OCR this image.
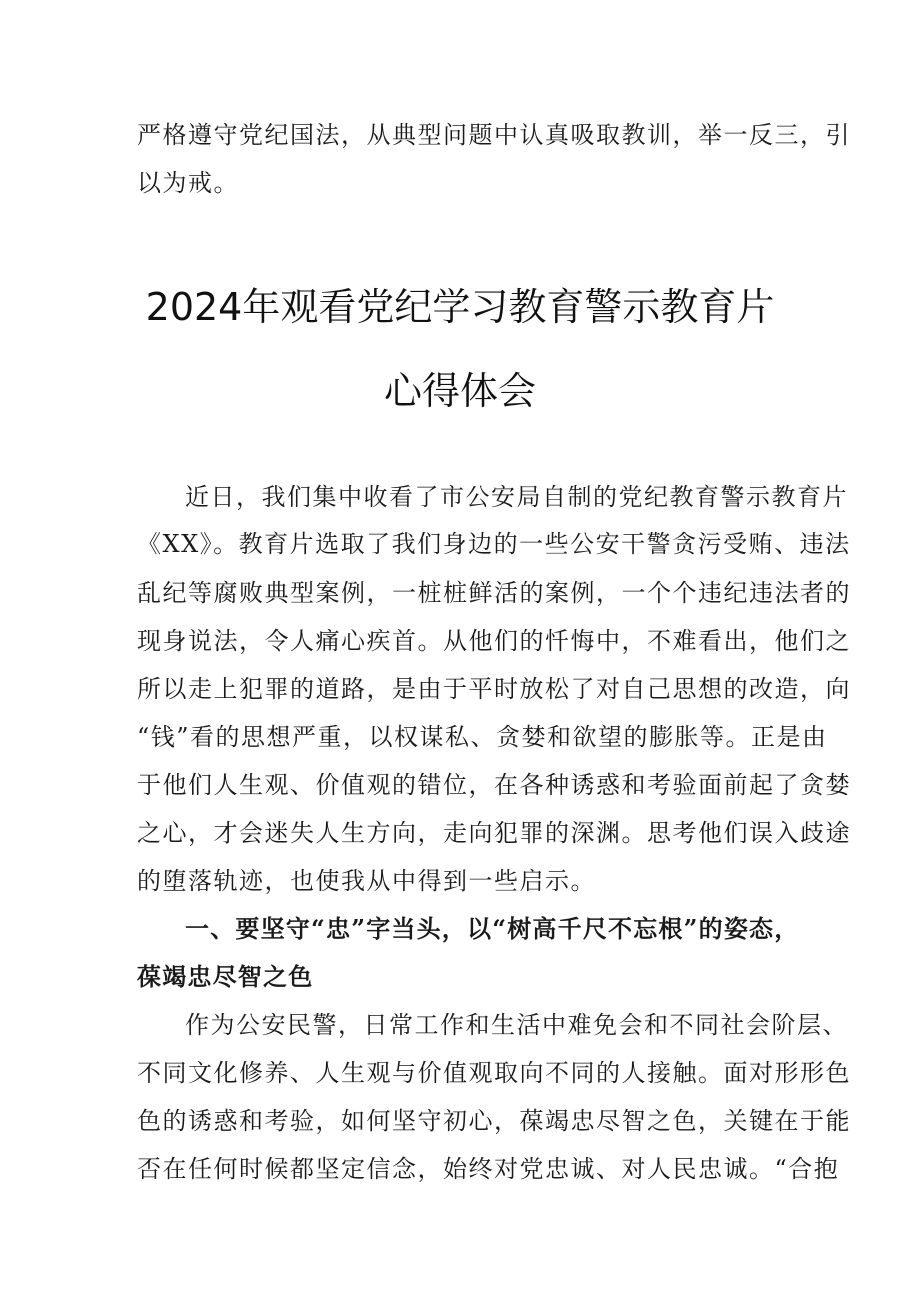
严格遵守党纪国法，从典型问题中认真吸取教训，举一反三，引
以为戒。
2024年观看党纪学习教育警示教育片
心得体会
近日，我们集中收看了市公安局自制的党纪教育警示教育片
《XX》。教育片选取了我们身边的一些公安干警贪污受贿、违法
乱纪等腐败典型案例，一桩桩鲜活的案例，一个个违纪违法者的
现身说法，令人痛心疾首。从他们的忏悔中，不难看出，他们之
所以走上犯罪的道路，是由于平时放松了对自己思想的改造，向
“钱”看的思想严重，以权谋私、贪婪和欲望的膨胀等。正是由
于他们人生观、价值观的错位，在各种诱惑和考验面前起了贪婪
之心，才会迷失人生方向，走向犯罪的深渊。思考他们误入歧途
的堕落轨迹，也使我从中得到一些启示。
一、要坚守“忠”字当头，以“树高千尺不忘根”的姿态，
葆竭忠尽智之色
作为公安民警，日常工作和生活中难免会和不同社会阶层、
不同文化修养、人生观与价值观取向不同的人接触。面对形形色
色的诱惑和考验，如何坚守初心，葆竭忠尽智之色，关键在于能
否在任何时候都坚定信念，始终对党忠诚、对人民忠诚。“合抱
